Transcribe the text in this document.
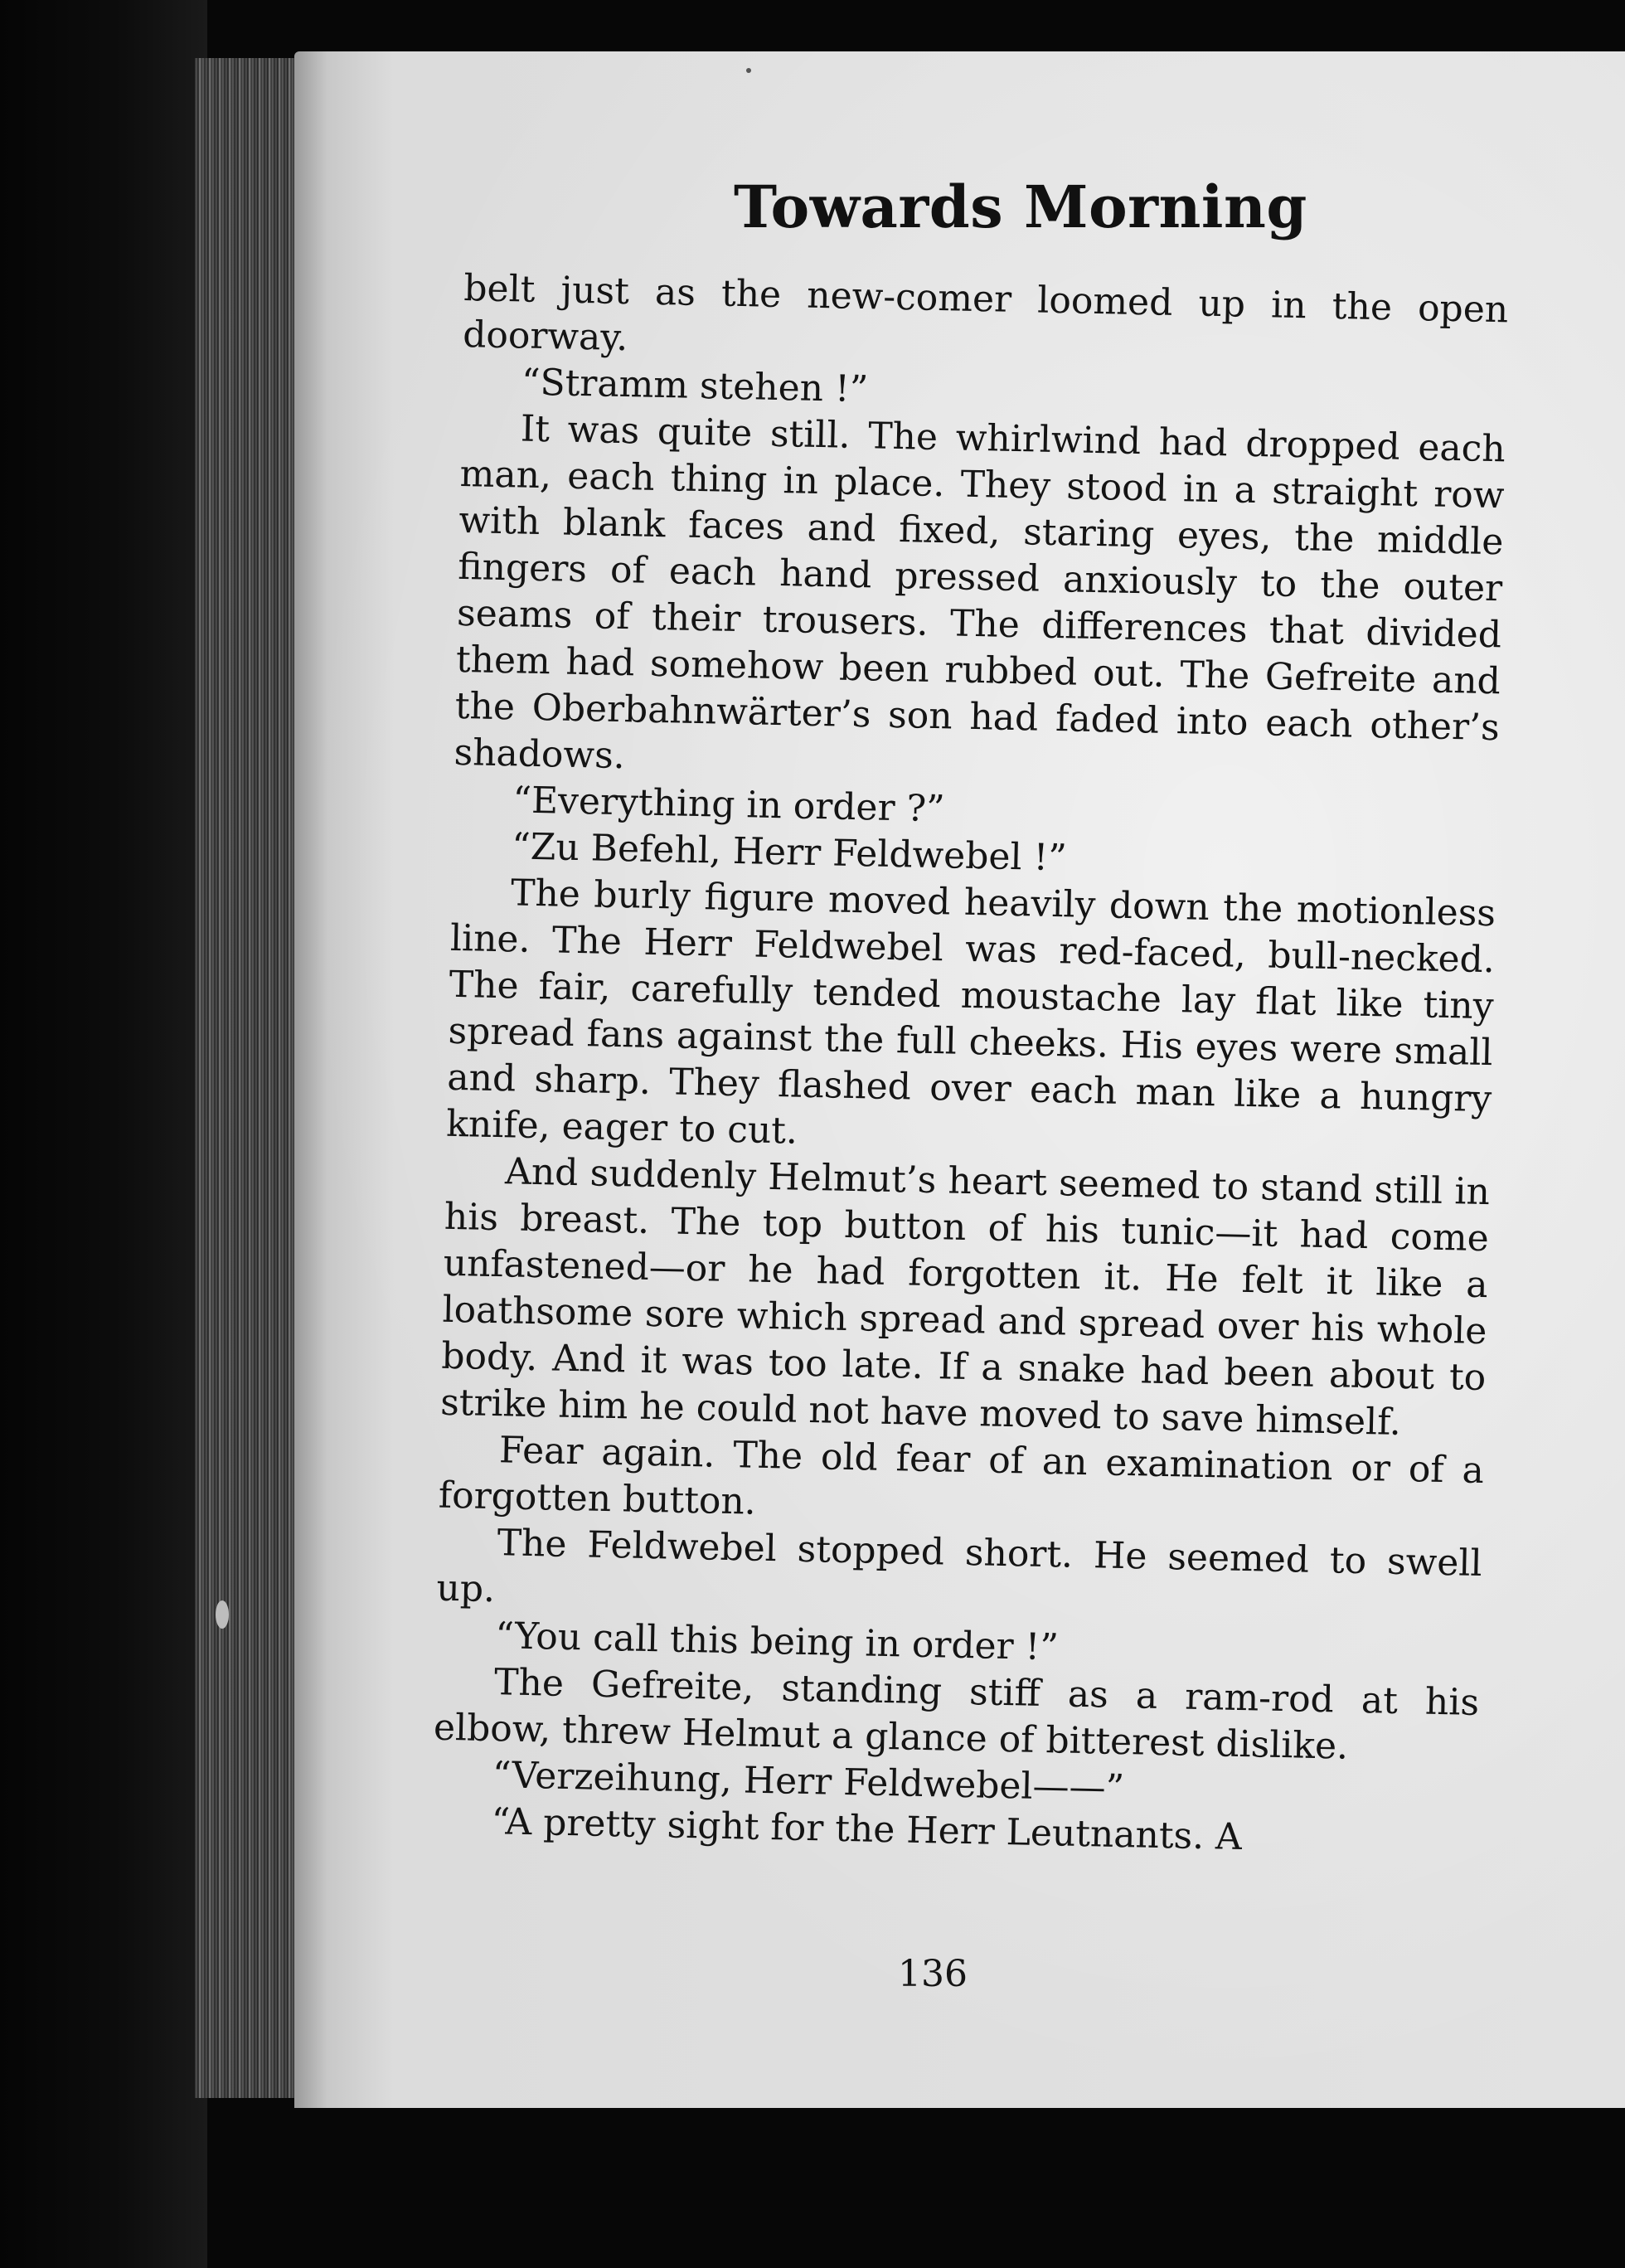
Towards Morning

belt just as the new-comer loomed up in the open doorway.

“Stramm stehen !”

It was quite still. The whirlwind had dropped each man, each thing in place. They stood in a straight row with blank faces and fixed, staring eyes, the middle fingers of each hand pressed anxiously to the outer seams of their trousers. The differences that divided them had somehow been rubbed out. The Gefreite and the Oberbahnwärter’s son had faded into each other’s shadows.

“Everything in order ?”

“Zu Befehl, Herr Feldwebel !”

The burly figure moved heavily down the motionless line. The Herr Feldwebel was red-faced, bull-necked. The fair, carefully tended moustache lay flat like tiny spread fans against the full cheeks. His eyes were small and sharp. They flashed over each man like a hungry knife, eager to cut.

And suddenly Helmut’s heart seemed to stand still in his breast. The top button of his tunic—it had come unfastened—or he had forgotten it. He felt it like a loathsome sore which spread and spread over his whole body. And it was too late. If a snake had been about to strike him he could not have moved to save himself.

Fear again. The old fear of an examination or of a forgotten button.

The Feldwebel stopped short. He seemed to swell up.

“You call this being in order !”

The Gefreite, standing stiff as a ram-rod at his elbow, threw Helmut a glance of bitterest dislike.

“Verzeihung, Herr Feldwebel——”

“A pretty sight for the Herr Leutnants. A

136
